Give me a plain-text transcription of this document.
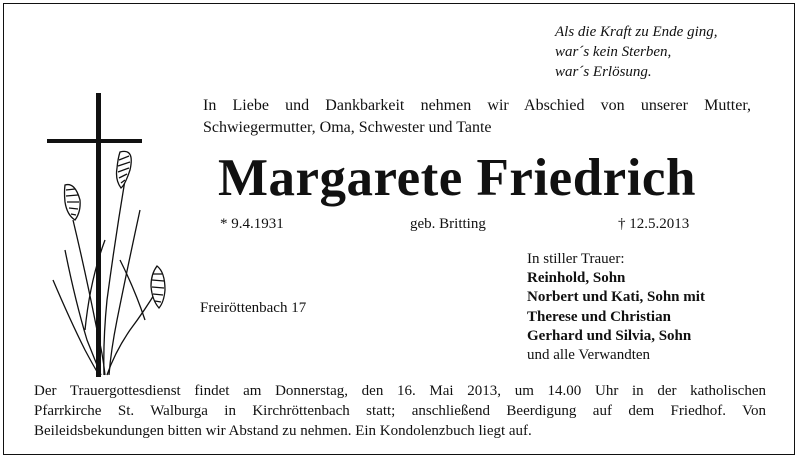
Als die Kraft zu Ende ging,
war´s kein Sterben,
war´s Erlösung.
In Liebe und Dankbarkeit nehmen wir Abschied von unserer Mutter,
Schwiegermutter, Oma, Schwester und Tante
Margarete Friedrich
* 9.4.1931	geb. Britting	† 12.5.2013
Freiröttenbach 17
In stiller Trauer:
Reinhold, Sohn
Norbert und Kati, Sohn mit
Therese und Christian
Gerhard und Silvia, Sohn
und alle Verwandten
Der Trauergottesdienst findet am Donnerstag, den 16. Mai 2013, um 14.00 Uhr in der katholischen
Pfarrkirche St. Walburga in Kirchröttenbach statt; anschließend Beerdigung auf dem Friedhof. Von
Beileidsbekundungen bitten wir Abstand zu nehmen. Ein Kondolenzbuch liegt auf.
